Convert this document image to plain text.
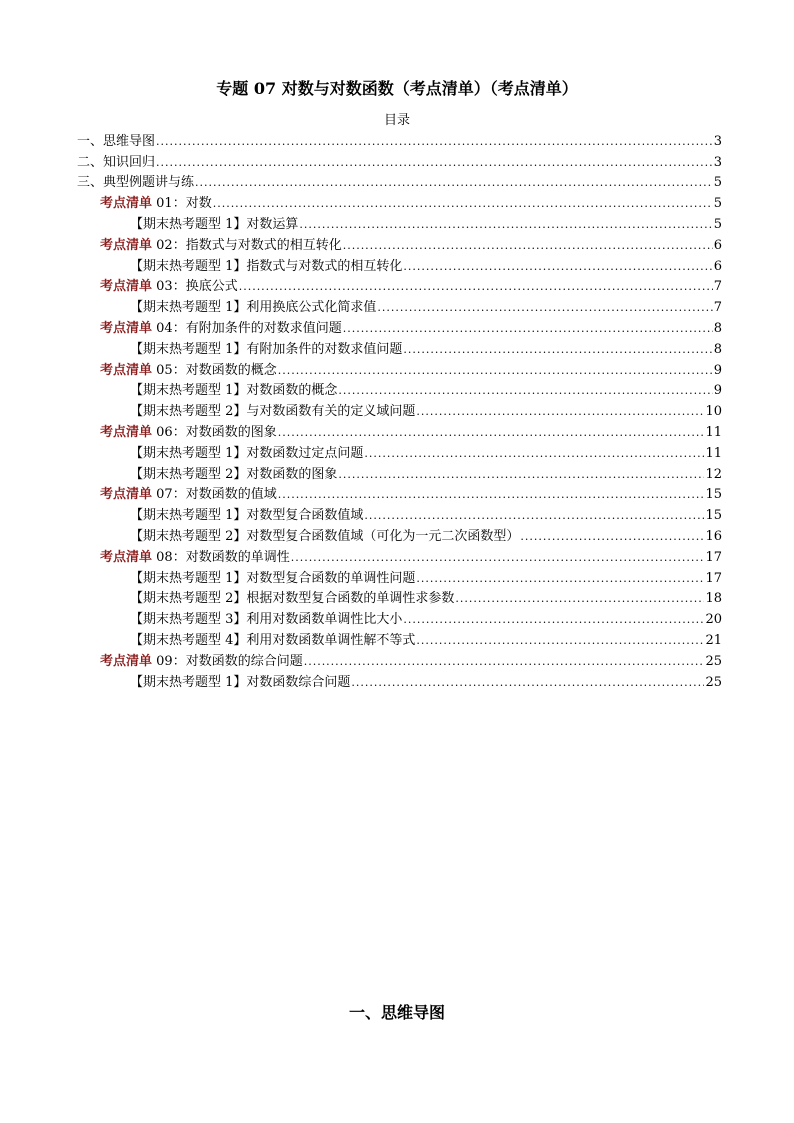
专题 07 对数与对数函数（考点清单）（考点清单）
目录
一、思维导图 .....	3
二、知识回归 .....	3
三、典型例题讲与练 .....	5
考点清单 01：对数 .....	5
【期末热考题型 1】对数运算 .....	5
考点清单 02：指数式与对数式的相互转化 .....	6
【期末热考题型 1】指数式与对数式的相互转化 .....	6
考点清单 03：换底公式 .....	7
【期末热考题型 1】利用换底公式化简求值 .....	7
考点清单 04：有附加条件的对数求值问题 .....	8
【期末热考题型 1】有附加条件的对数求值问题 .....	8
考点清单 05：对数函数的概念 .....	9
【期末热考题型 1】对数函数的概念 .....	9
【期末热考题型 2】与对数函数有关的定义域问题 .....	10
考点清单 06：对数函数的图象 .....	11
【期末热考题型 1】对数函数过定点问题 .....	11
【期末热考题型 2】对数函数的图象 .....	12
考点清单 07：对数函数的值域 .....	15
【期末热考题型 1】对数型复合函数值域 .....	15
【期末热考题型 2】对数型复合函数值域（可化为一元二次函数型） .....	16
考点清单 08：对数函数的单调性 .....	17
【期末热考题型 1】对数型复合函数的单调性问题 .....	17
【期末热考题型 2】根据对数型复合函数的单调性求参数 .....	18
【期末热考题型 3】利用对数函数单调性比大小 .....	20
【期末热考题型 4】利用对数函数单调性解不等式 .....	21
考点清单 09：对数函数的综合问题 .....	25
【期末热考题型 1】对数函数综合问题 .....	25
一、思维导图
